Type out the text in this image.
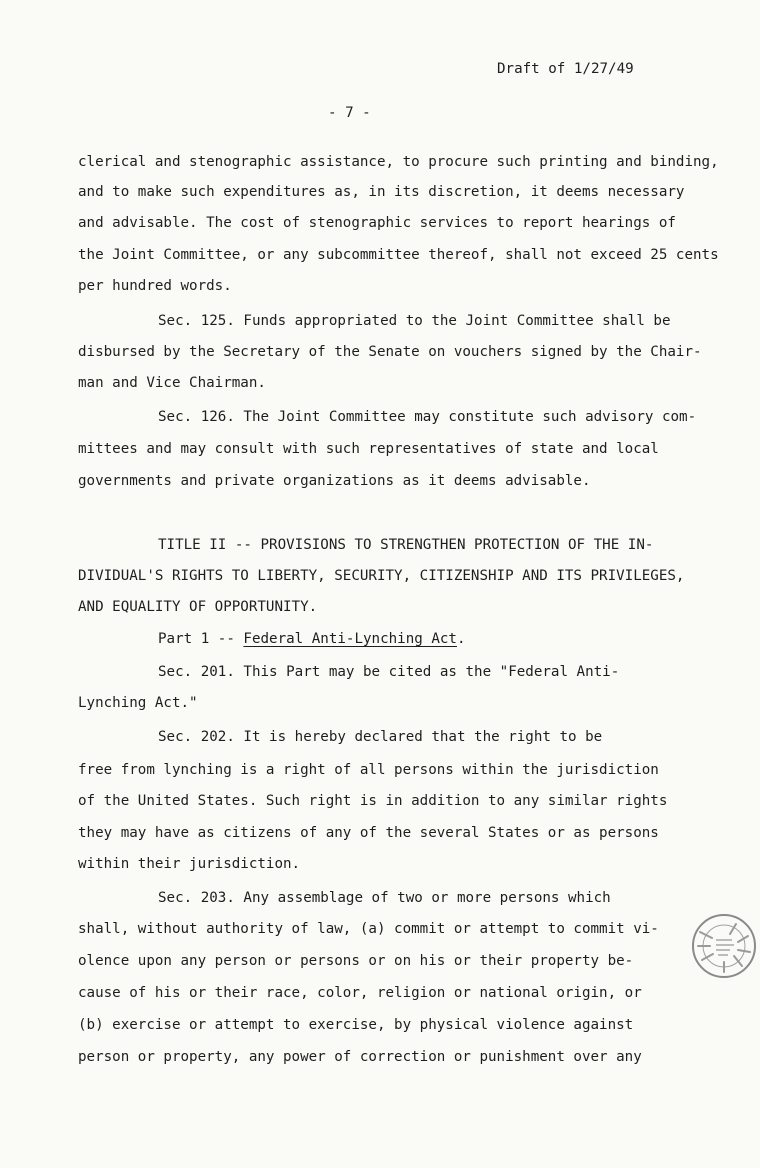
Draft of 1/27/49
- 7 -
clerical and stenographic assistance, to procure such printing and binding,
and to make such expenditures as, in its discretion, it deems necessary
and advisable. The cost of stenographic services to report hearings of
the Joint Committee, or any subcommittee thereof, shall not exceed 25 cents
per hundred words.
Sec. 125. Funds appropriated to the Joint Committee shall be
disbursed by the Secretary of the Senate on vouchers signed by the Chair-
man and Vice Chairman.
Sec. 126. The Joint Committee may constitute such advisory com-
mittees and may consult with such representatives of state and local
governments and private organizations as it deems advisable.
TITLE II -- PROVISIONS TO STRENGTHEN PROTECTION OF THE IN-
DIVIDUAL'S RIGHTS TO LIBERTY, SECURITY, CITIZENSHIP AND ITS PRIVILEGES,
AND EQUALITY OF OPPORTUNITY.
Part 1 -- Federal Anti-Lynching Act.
Sec. 201. This Part may be cited as the "Federal Anti-
Lynching Act."
Sec. 202. It is hereby declared that the right to be
free from lynching is a right of all persons within the jurisdiction
of the United States. Such right is in addition to any similar rights
they may have as citizens of any of the several States or as persons
within their jurisdiction.
Sec. 203. Any assemblage of two or more persons which
shall, without authority of law, (a) commit or attempt to commit vi-
olence upon any person or persons or on his or their property be-
cause of his or their race, color, religion or national origin, or
(b) exercise or attempt to exercise, by physical violence against
person or property, any power of correction or punishment over any
